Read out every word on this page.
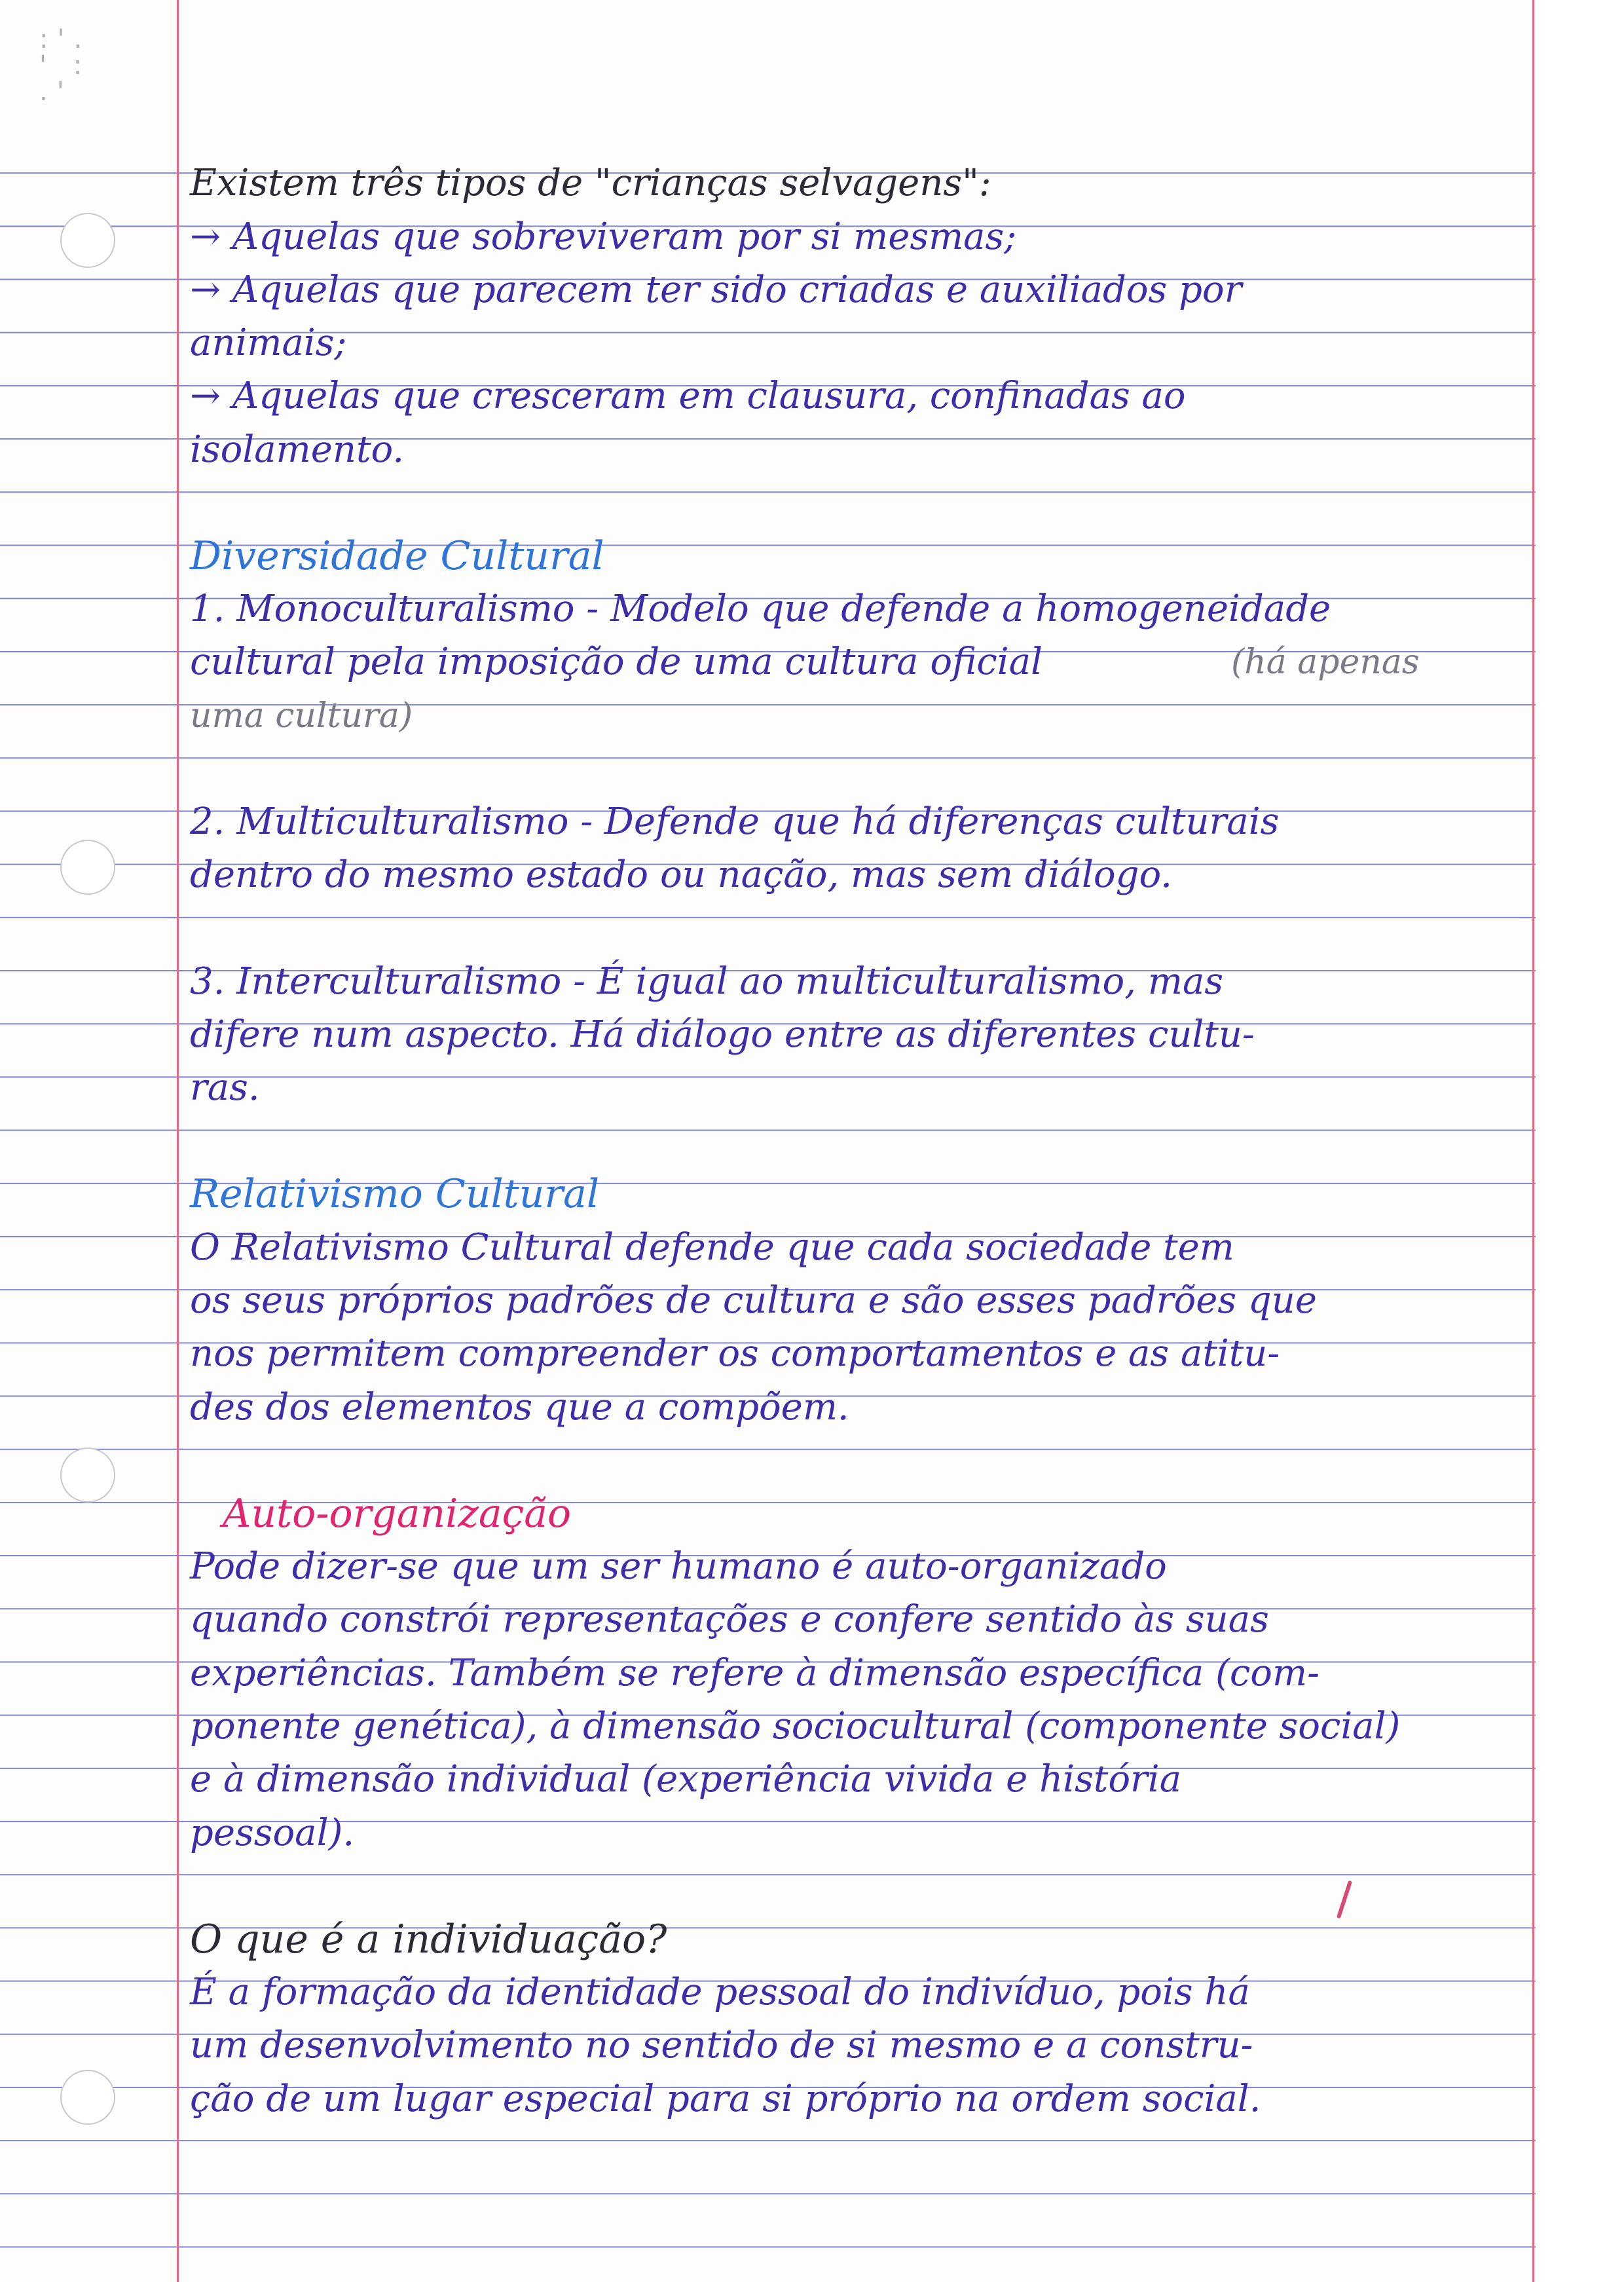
:'.
' :
.'
Existem três tipos de "crianças selvagens":
→ Aquelas que sobreviveram por si mesmas;
→ Aquelas que parecem ter sido criadas e auxiliados por
animais;
→ Aquelas que cresceram em clausura, confinadas ao
isolamento.
Diversidade Cultural
1. Monoculturalismo - Modelo que defende a homogeneidade
cultural pela imposição de uma cultura oficial	(há apenas
uma cultura)
2. Multiculturalismo - Defende que há diferenças culturais
dentro do mesmo estado ou nação, mas sem diálogo.
3. Interculturalismo - É igual ao multiculturalismo, mas
difere num aspecto. Há diálogo entre as diferentes cultu-
ras.
Relativismo Cultural
O Relativismo Cultural defende que cada sociedade tem
os seus próprios padrões de cultura e são esses padrões que
nos permitem compreender os comportamentos e as atitu-
des dos elementos que a compõem.
Auto-organização
Pode dizer-se que um ser humano é auto-organizado
quando constrói representações e confere sentido às suas
experiências. Também se refere à dimensão específica (com-
ponente genética), à dimensão sociocultural (componente social)
e à dimensão individual (experiência vivida e história
pessoal).
O que é a individuação?
É a formação da identidade pessoal do indivíduo, pois há
um desenvolvimento no sentido de si mesmo e a constru-
ção de um lugar especial para si próprio na ordem social.
